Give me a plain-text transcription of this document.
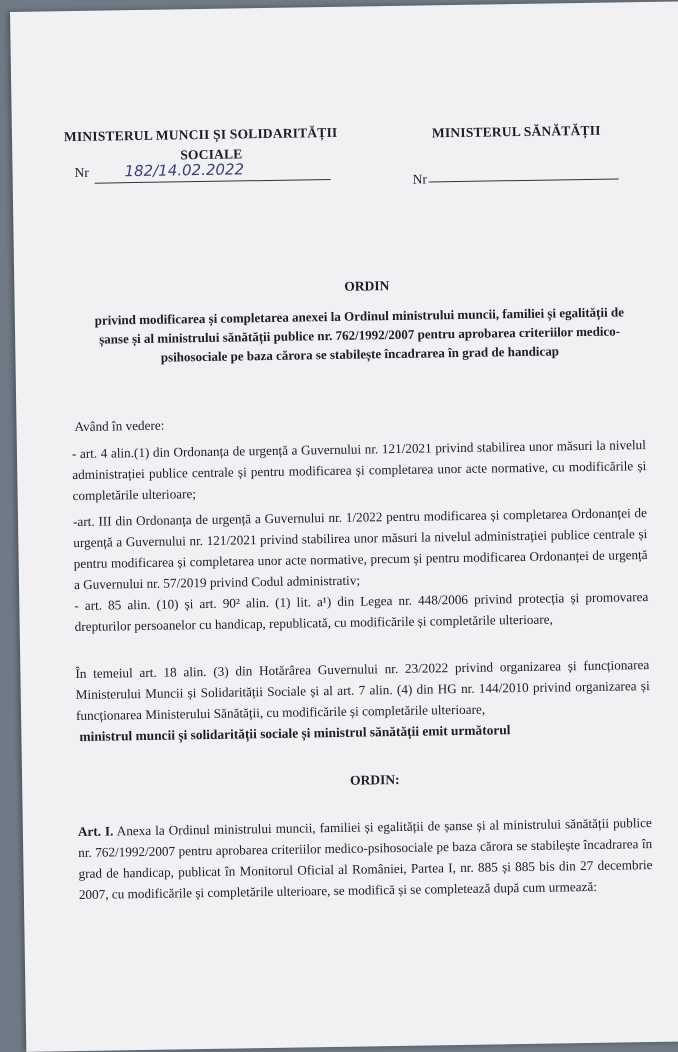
MINISTERUL MUNCII ȘI SOLIDARITĂȚII
SOCIALE
Nr 182/14.02.2022
MINISTERUL SĂNĂTĂȚII
Nr
ORDIN
privind modificarea și completarea anexei la Ordinul ministrului muncii, familiei și egalității de șanse și al ministrului sănătății publice nr. 762/1992/2007 pentru aprobarea criteriilor medico-psihosociale pe baza cărora se stabilește încadrarea în grad de handicap
Având în vedere:
- art. 4 alin.(1) din Ordonanța de urgență a Guvernului nr. 121/2021 privind stabilirea unor măsuri la nivelul administrației publice centrale și pentru modificarea și completarea unor acte normative, cu modificările și completările ulterioare;
-art. III din Ordonanța de urgență a Guvernului nr. 1/2022 pentru modificarea și completarea Ordonanței de urgență a Guvernului nr. 121/2021 privind stabilirea unor măsuri la nivelul administrației publice centrale și pentru modificarea și completarea unor acte normative, precum și pentru modificarea Ordonanței de urgență a Guvernului nr. 57/2019 privind Codul administrativ;
- art. 85 alin. (10) și art. 90² alin. (1) lit. a¹) din Legea nr. 448/2006 privind protecția și promovarea drepturilor persoanelor cu handicap, republicată, cu modificările și completările ulterioare,
În temeiul art. 18 alin. (3) din Hotărârea Guvernului nr. 23/2022 privind organizarea și funcționarea Ministerului Muncii și Solidarității Sociale și al art. 7 alin. (4) din HG nr. 144/2010 privind organizarea și funcționarea Ministerului Sănătății, cu modificările și completările ulterioare,
ministrul muncii și solidarității sociale și ministrul sănătății emit următorul
ORDIN:
Art. I. Anexa la Ordinul ministrului muncii, familiei și egalității de șanse și al ministrului sănătății publice nr. 762/1992/2007 pentru aprobarea criteriilor medico-psihosociale pe baza cărora se stabilește încadrarea în grad de handicap, publicat în Monitorul Oficial al României, Partea I, nr. 885 și 885 bis din 27 decembrie 2007, cu modificările și completările ulterioare, se modifică și se completează după cum urmează:
